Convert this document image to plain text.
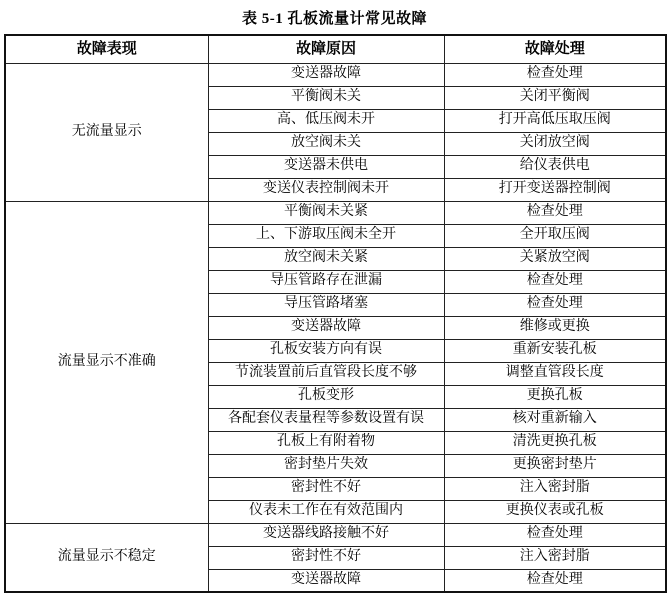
表 5-1 孔板流量计常见故障
故障表现	故障原因	故障处理
无流量显示	变送器故障	检查处理
	平衡阀未关	关闭平衡阀
	高、低压阀未开	打开高低压取压阀
	放空阀未关	关闭放空阀
	变送器未供电	给仪表供电
	变送仪表控制阀未开	打开变送器控制阀
流量显示不准确	平衡阀未关紧	检查处理
	上、下游取压阀未全开	全开取压阀
	放空阀未关紧	关紧放空阀
	导压管路存在泄漏	检查处理
	导压管路堵塞	检查处理
	变送器故障	维修或更换
	孔板安装方向有误	重新安装孔板
	节流装置前后直管段长度不够	调整直管段长度
	孔板变形	更换孔板
	各配套仪表量程等参数设置有误	核对重新输入
	孔板上有附着物	清洗更换孔板
	密封垫片失效	更换密封垫片
	密封性不好	注入密封脂
	仪表未工作在有效范围内	更换仪表或孔板
流量显示不稳定	变送器线路接触不好	检查处理
	密封性不好	注入密封脂
	变送器故障	检查处理
